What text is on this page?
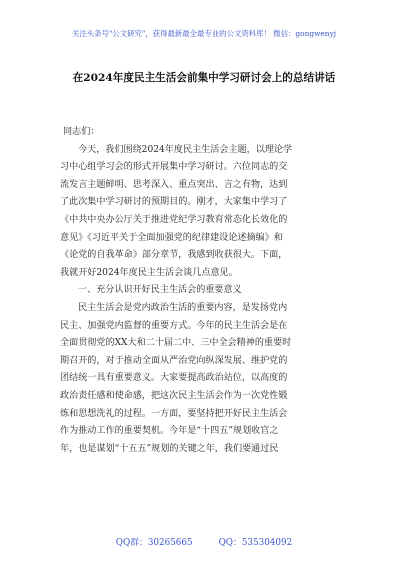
关注头条号"公文研究"，获得最新最全最专业的公文资料库！ 微信：gongwenyj
在2024年度民主生活会前集中学习研讨会上的总结讲话
同志们：
今天，我们围绕2024年度民主生活会主题，以理论学
习中心组学习会的形式开展集中学习研讨。六位同志的交
流发言主题鲜明、思考深入、重点突出、言之有物，达到
了此次集中学习研讨的预期目的。刚才，大家集中学习了
《中共中央办公厅关于推进党纪学习教育常态化长效化的
意见》《习近平关于全面加强党的纪律建设论述摘编》和
《论党的自我革命》部分章节，我感到收获很大。下面，
我就开好2024年度民主生活会谈几点意见。
一、充分认识开好民主生活会的重要意义
民主生活会是党内政治生活的重要内容，是发扬党内
民主、加强党内监督的重要方式。今年的民主生活会是在
全面贯彻党的XX大和二十届二中、三中全会精神的重要时
期召开的，对于推动全面从严治党向纵深发展、维护党的
团结统一具有重要意义。大家要提高政治站位，以高度的
政治责任感和使命感，把这次民主生活会作为一次党性锻
炼和思想洗礼的过程。一方面，要坚持把开好民主生活会
作为推动工作的重要契机。今年是“十四五”规划收官之
年，也是谋划“十五五”规划的关键之年，我们要通过民
QQ群：30265665	QQ：535304092
